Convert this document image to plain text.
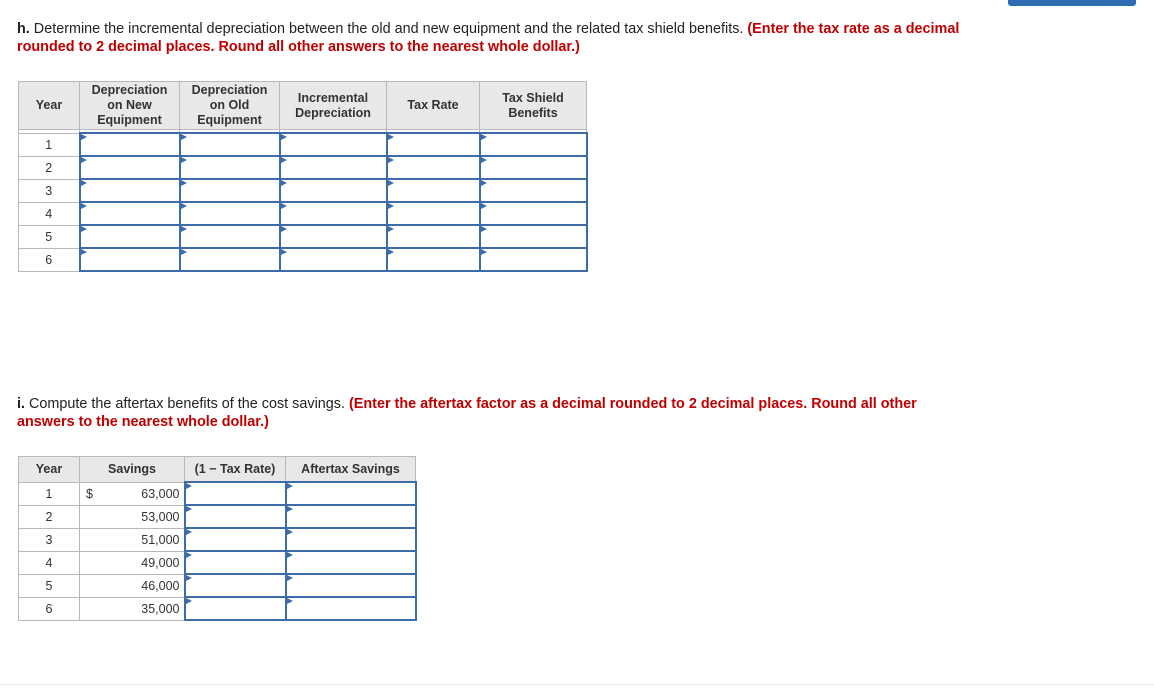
h. Determine the incremental depreciation between the old and new equipment and the related tax shield benefits. (Enter the tax rate as a decimal rounded to 2 decimal places. Round all other answers to the nearest whole dollar.)
Year	Depreciation on New Equipment	Depreciation on Old Equipment	Incremental Depreciation	Tax Rate	Tax Shield Benefits

1					
2					
3					
4					
5					
6					
i. Compute the aftertax benefits of the cost savings. (Enter the aftertax factor as a decimal rounded to 2 decimal places. Round all other answers to the nearest whole dollar.)
Year	Savings		(1 − Tax Rate)	Aftertax Savings
1	$	63,000		
2		53,000		
3		51,000		
4		49,000		
5		46,000		
6		35,000		
